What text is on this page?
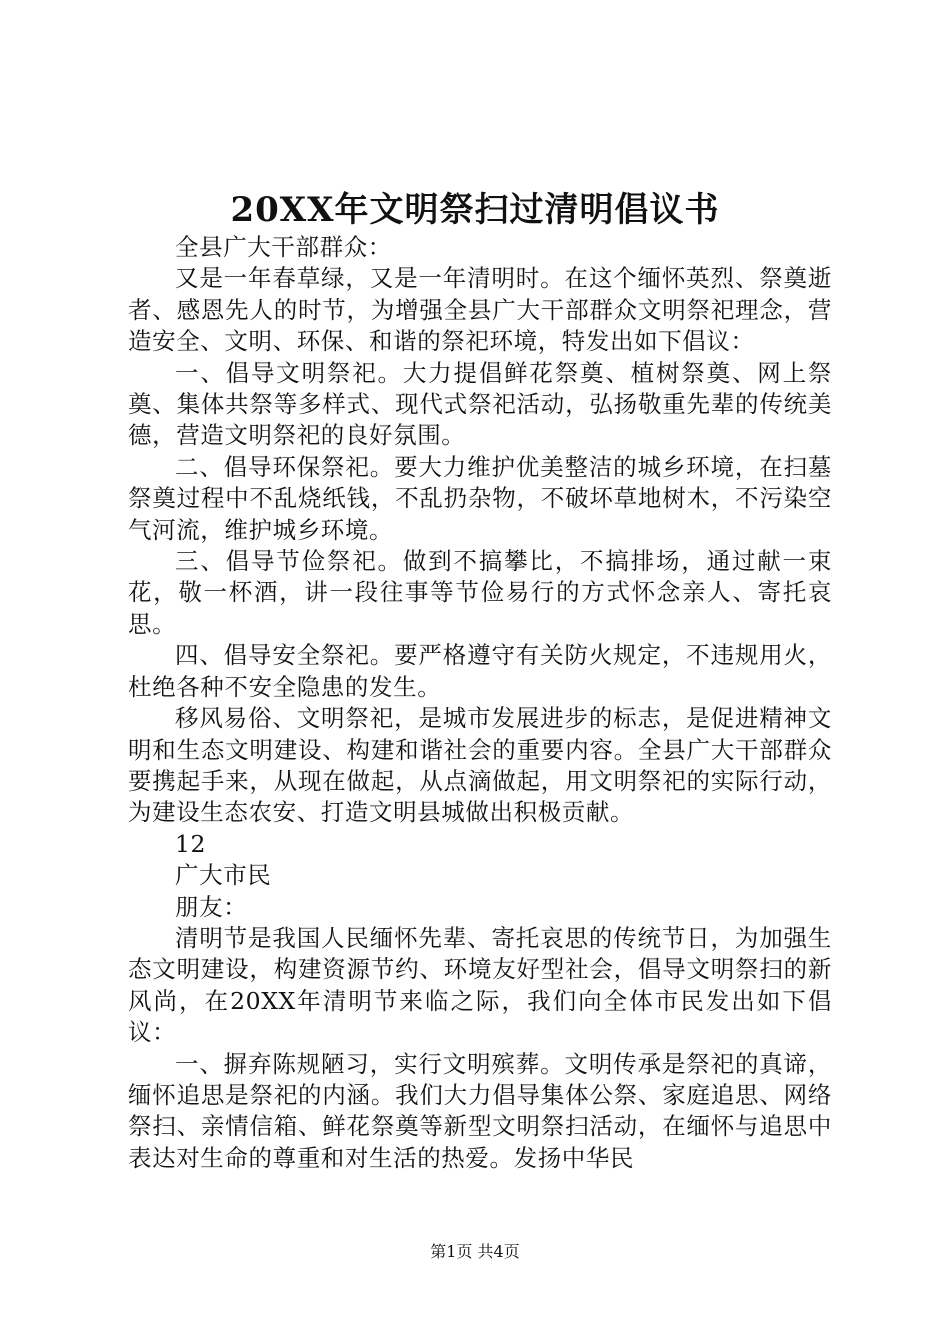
20XX年文明祭扫过清明倡议书

全县广大干部群众：

又是一年春草绿，又是一年清明时。在这个缅怀英烈、祭奠逝者、感恩先人的时节，为增强全县广大干部群众文明祭祀理念，营造安全、文明、环保、和谐的祭祀环境，特发出如下倡议：

一、倡导文明祭祀。大力提倡鲜花祭奠、植树祭奠、网上祭奠、集体共祭等多样式、现代式祭祀活动，弘扬敬重先辈的传统美德，营造文明祭祀的良好氛围。

二、倡导环保祭祀。要大力维护优美整洁的城乡环境，在扫墓祭奠过程中不乱烧纸钱，不乱扔杂物，不破坏草地树木，不污染空气河流，维护城乡环境。

三、倡导节俭祭祀。做到不搞攀比，不搞排场，通过献一束花，敬一杯酒，讲一段往事等节俭易行的方式怀念亲人、寄托哀思。

四、倡导安全祭祀。要严格遵守有关防火规定，不违规用火，杜绝各种不安全隐患的发生。

移风易俗、文明祭祀，是城市发展进步的标志，是促进精神文明和生态文明建设、构建和谐社会的重要内容。全县广大干部群众要携起手来，从现在做起，从点滴做起，用文明祭祀的实际行动，为建设生态农安、打造文明县城做出积极贡献。

12

广大市民

朋友：

清明节是我国人民缅怀先辈、寄托哀思的传统节日，为加强生态文明建设，构建资源节约、环境友好型社会，倡导文明祭扫的新风尚，在20XX年清明节来临之际，我们向全体市民发出如下倡议：

一、摒弃陈规陋习，实行文明殡葬。文明传承是祭祀的真谛，缅怀追思是祭祀的内涵。我们大力倡导集体公祭、家庭追思、网络祭扫、亲情信箱、鲜花祭奠等新型文明祭扫活动，在缅怀与追思中表达对生命的尊重和对生活的热爱。发扬中华民

第1页 共4页
